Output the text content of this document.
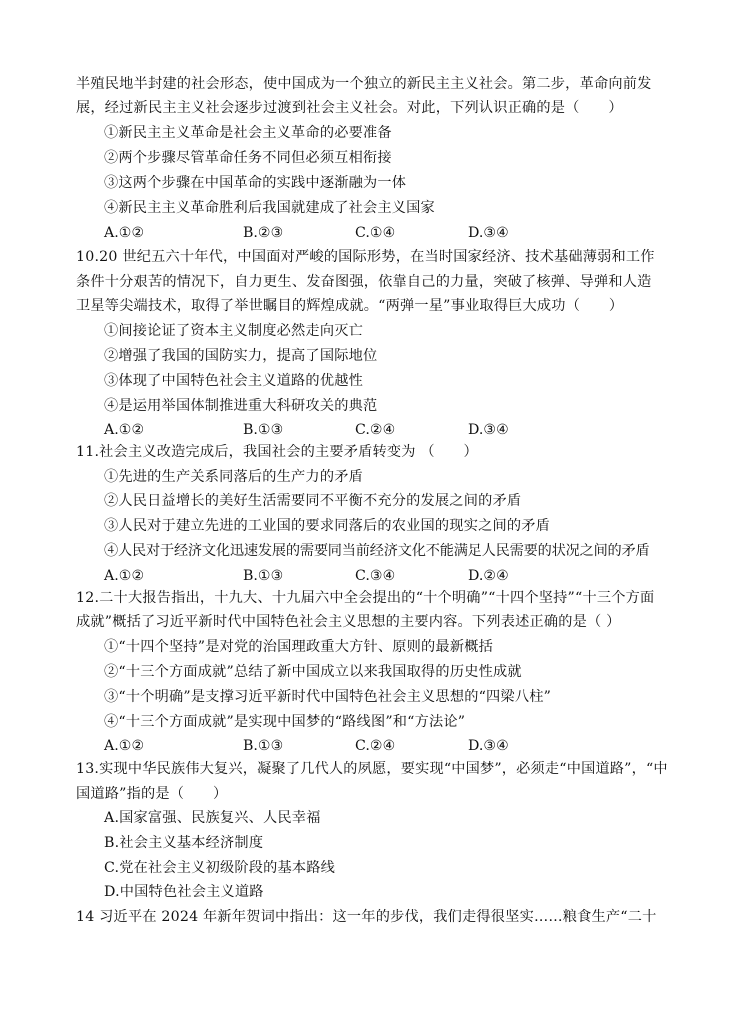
半殖民地半封建的社会形态，使中国成为一个独立的新民主主义社会。第二步，革命向前发
展，经过新民主主义社会逐步过渡到社会主义社会。对此，下列认识正确的是（　　）
①新民主主义革命是社会主义革命的必要准备
②两个步骤尽管革命任务不同但必须互相衔接
③这两个步骤在中国革命的实践中逐渐融为一体
④新民主主义革命胜利后我国就建成了社会主义国家
A.①②	B.②③	C.①④	D.③④
10.20 世纪五六十年代，中国面对严峻的国际形势，在当时国家经济、技术基础薄弱和工作
条件十分艰苦的情况下，自力更生、发奋图强，依靠自己的力量，突破了核弹、导弹和人造
卫星等尖端技术，取得了举世瞩目的辉煌成就。“两弹一星”事业取得巨大成功（　　）
①间接论证了资本主义制度必然走向灭亡
②增强了我国的国防实力，提高了国际地位
③体现了中国特色社会主义道路的优越性
④是运用举国体制推进重大科研攻关的典范
A.①②	B.①③	C.②④	D.③④
11.社会主义改造完成后，我国社会的主要矛盾转变为 （　　）
①先进的生产关系同落后的生产力的矛盾
②人民日益增长的美好生活需要同不平衡不充分的发展之间的矛盾
③人民对于建立先进的工业国的要求同落后的农业国的现实之间的矛盾
④人民对于经济文化迅速发展的需要同当前经济文化不能满足人民需要的状况之间的矛盾
A.①②	B.①③	C.③④	D.②④
12.二十大报告指出，十九大、十九届六中全会提出的“十个明确”“十四个坚持”“十三个方面
成就”概括了习近平新时代中国特色社会主义思想的主要内容。下列表述正确的是（ ）
①“十四个坚持”是对党的治国理政重大方针、原则的最新概括
②“十三个方面成就”总结了新中国成立以来我国取得的历史性成就
③“十个明确”是支撑习近平新时代中国特色社会主义思想的“四梁八柱”
④“十三个方面成就”是实现中国梦的“路线图”和“方法论”
A.①②	B.①③	C.②④	D.③④
13.实现中华民族伟大复兴，凝聚了几代人的夙愿，要实现“中国梦”，必须走“中国道路”，“中
国道路”指的是（　　）
A.国家富强、民族复兴、人民幸福
B.社会主义基本经济制度
C.党在社会主义初级阶段的基本路线
D.中国特色社会主义道路
14 习近平在 2024 年新年贺词中指出：这一年的步伐，我们走得很坚实……粮食生产“二十
